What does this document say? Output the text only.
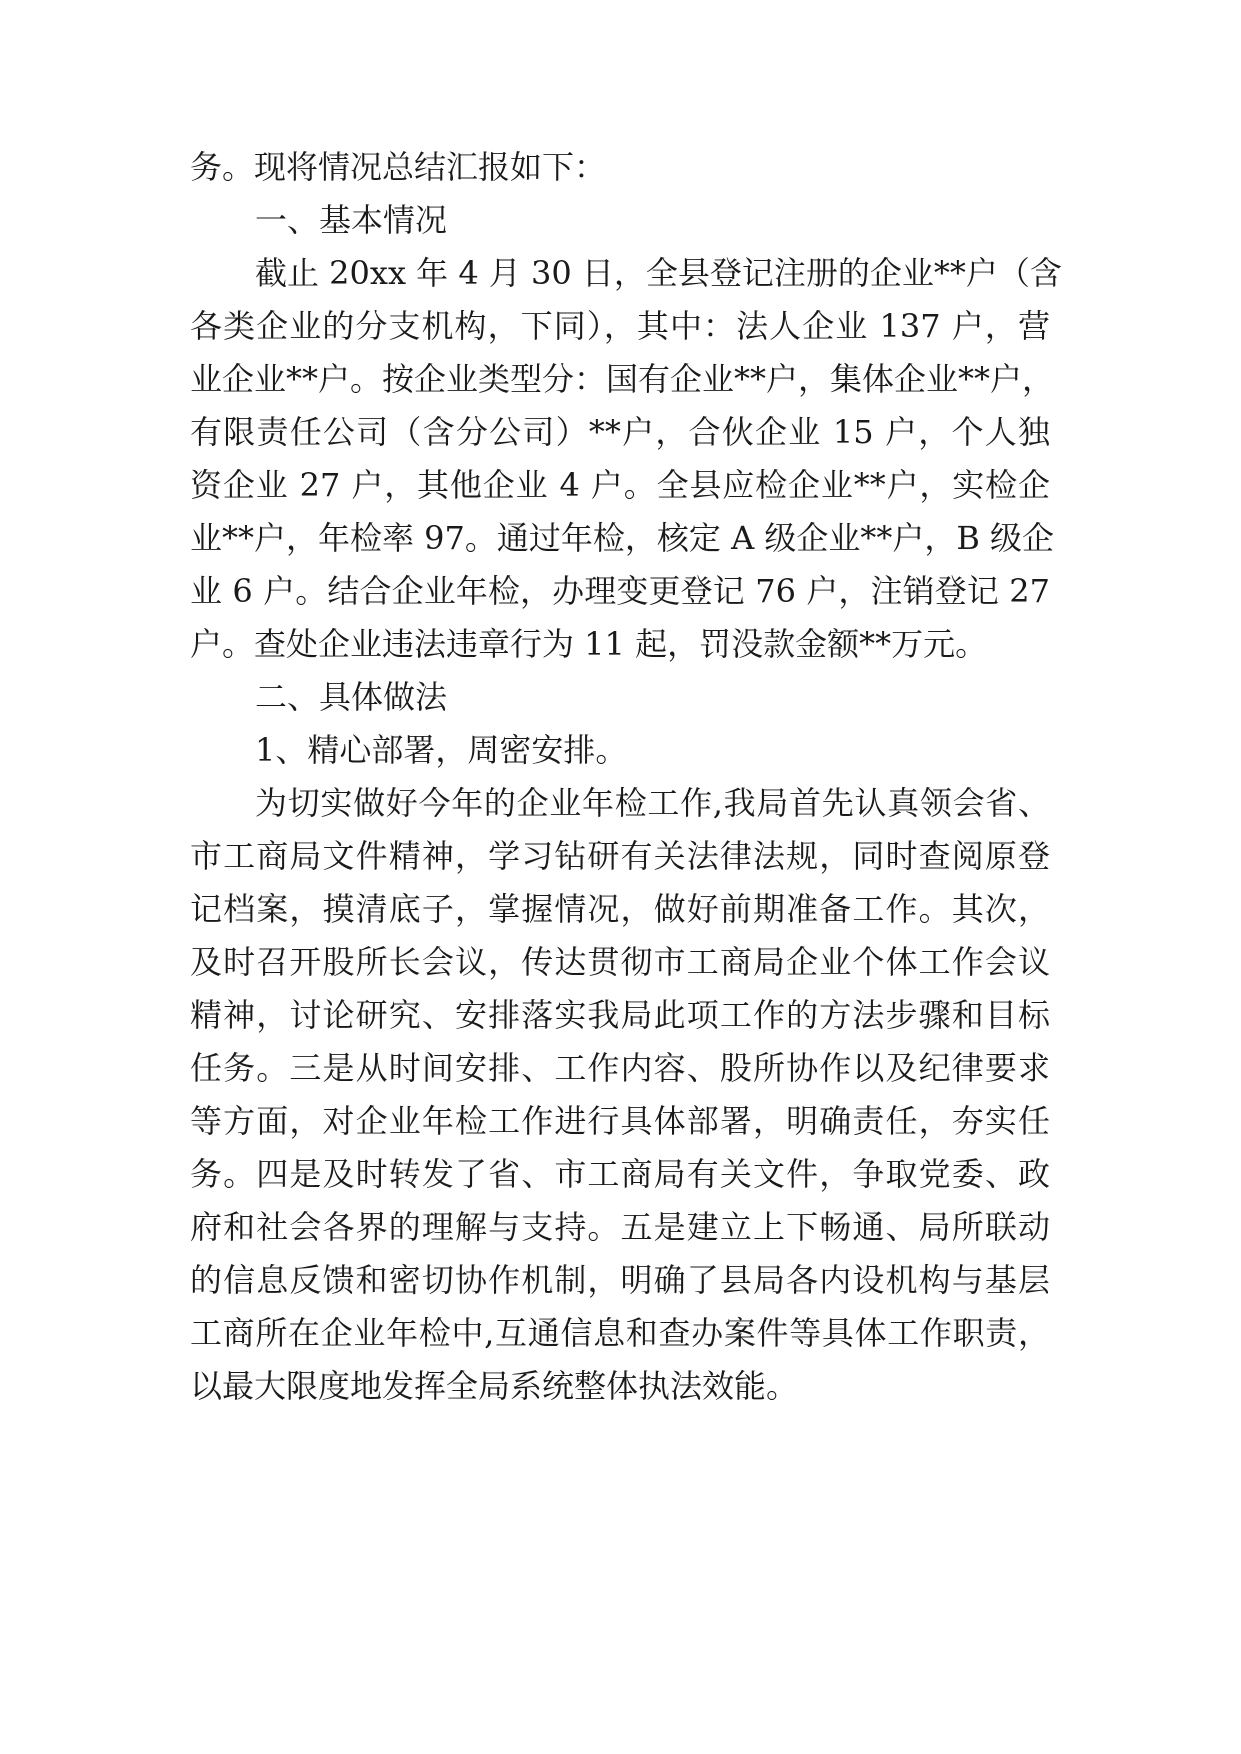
务。现将情况总结汇报如下：
一、基本情况
截止 20xx 年 4 月 30 日，全县登记注册的企业**户（含
各类企业的分支机构，下同），其中：法人企业 137 户，营
业企业**户。按企业类型分：国有企业**户，集体企业**户，
有限责任公司（含分公司）**户，合伙企业 15 户，个人独
资企业 27 户，其他企业 4 户。全县应检企业**户，实检企
业**户，年检率 97。通过年检，核定 A 级企业**户，B 级企
业 6 户。结合企业年检，办理变更登记 76 户，注销登记 27
户。查处企业违法违章行为 11 起，罚没款金额**万元。
二、具体做法
1、精心部署，周密安排。
为切实做好今年的企业年检工作,我局首先认真领会省、
市工商局文件精神，学习钻研有关法律法规，同时查阅原登
记档案，摸清底子，掌握情况，做好前期准备工作。其次，
及时召开股所长会议，传达贯彻市工商局企业个体工作会议
精神，讨论研究、安排落实我局此项工作的方法步骤和目标
任务。三是从时间安排、工作内容、股所协作以及纪律要求
等方面，对企业年检工作进行具体部署，明确责任，夯实任
务。四是及时转发了省、市工商局有关文件，争取党委、政
府和社会各界的理解与支持。五是建立上下畅通、局所联动
的信息反馈和密切协作机制，明确了县局各内设机构与基层
工商所在企业年检中,互通信息和查办案件等具体工作职责，
以最大限度地发挥全局系统整体执法效能。
